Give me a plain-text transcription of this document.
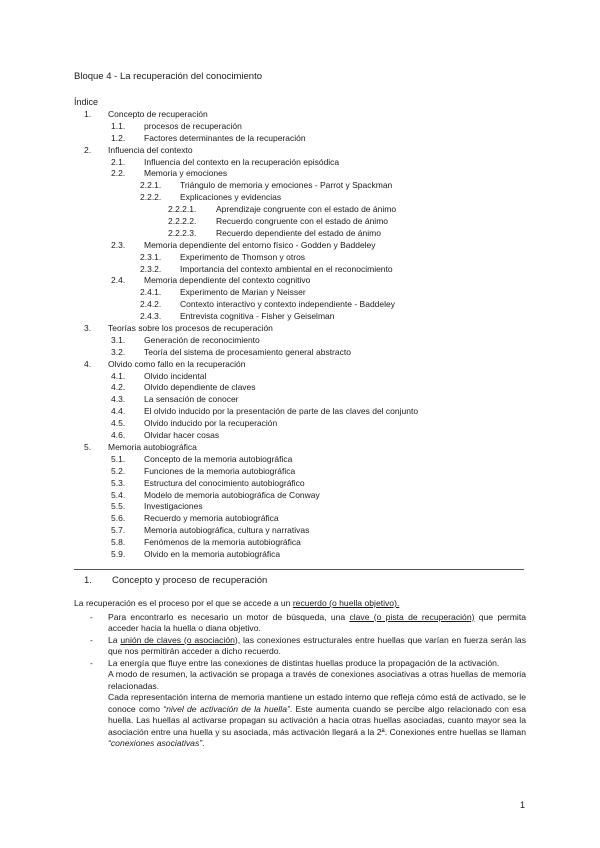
Bloque 4 - La recuperación del conocimiento
Índice
1. Concepto de recuperación
1.1. procesos de recuperación
1.2. Factores determinantes de la recuperación
2. Influencia del contexto
2.1. Influencia del contexto en la recuperación episódica
2.2. Memoria y emociones
2.2.1. Triángulo de memoria y emociones - Parrot y Spackman
2.2.2. Explicaciones y evidencias
2.2.2.1. Aprendizaje congruente con el estado de ánimo
2.2.2.2. Recuerdo congruente con el estado de ánimo
2.2.2.3. Recuerdo dependiente del estado de ánimo
2.3. Memoria dependiente del entorno físico - Godden y Baddeley
2.3.1. Experimento de Thomson y otros
2.3.2. Importancia del contexto ambiental en el reconocimiento
2.4. Memoria dependiente del contexto cognitivo
2.4.1. Experimento de Marian y Neisser
2.4.2. Contexto interactivo y contexto independiente - Baddeley
2.4.3. Entrevista cognitiva - Fisher y Geiselman
3. Teorías sobre los procesos de recuperación
3.1. Generación de reconocimiento
3.2. Teoría del sistema de procesamiento general abstracto
4. Olvido como fallo en la recuperación
4.1. Olvido incidental
4.2. Olvido dependiente de claves
4.3. La sensación de conocer
4.4. El olvido inducido por la presentación de parte de las claves del conjunto
4.5. Olvido inducido por la recuperación
4.6. Olvidar hacer cosas
5. Memoria autobiográfica
5.1. Concepto de la memoria autobiográfica
5.2. Funciones de la memoria autobiográfica
5.3. Estructura del conocimiento autobiográfico
5.4. Modelo de memoria autobiográfica de Conway
5.5. Investigaciones
5.6. Recuerdo y memoria autobiográfica
5.7. Memoria autobiográfica, cultura y narrativas
5.8. Fenómenos de la memoria autobiográfica
5.9. Olvido en la memoria autobiográfica
1. Concepto y proceso de recuperación

La recuperación es el proceso por el que se accede a un recuerdo (o huella objetivo).

- Para encontrarlo es necesario un motor de búsqueda, una clave (o pista de recuperación) que permita acceder hacia la huella o diana objetivo.
- La unión de claves (o asociación), las conexiones estructurales entre huellas que varían en fuerza serán las que nos permitirán acceder a dicho recuerdo.
- La energía que fluye entre las conexiones de distintas huellas produce la propagación de la activación.
A modo de resumen, la activación se propaga a través de conexiones asociativas a otras huellas de memoria relacionadas.
Cada representación interna de memoria mantiene un estado interno que refleja cómo está de activado, se le conoce como “nivel de activación de la huella”. Este aumenta cuando se percibe algo relacionado con esa huella. Las huellas al activarse propagan su activación a hacia otras huellas asociadas, cuanto mayor sea la asociación entre una huella y su asociada, más activación llegará a la 2ª. Conexiones entre huellas se llaman “conexiones asociativas”.
1
